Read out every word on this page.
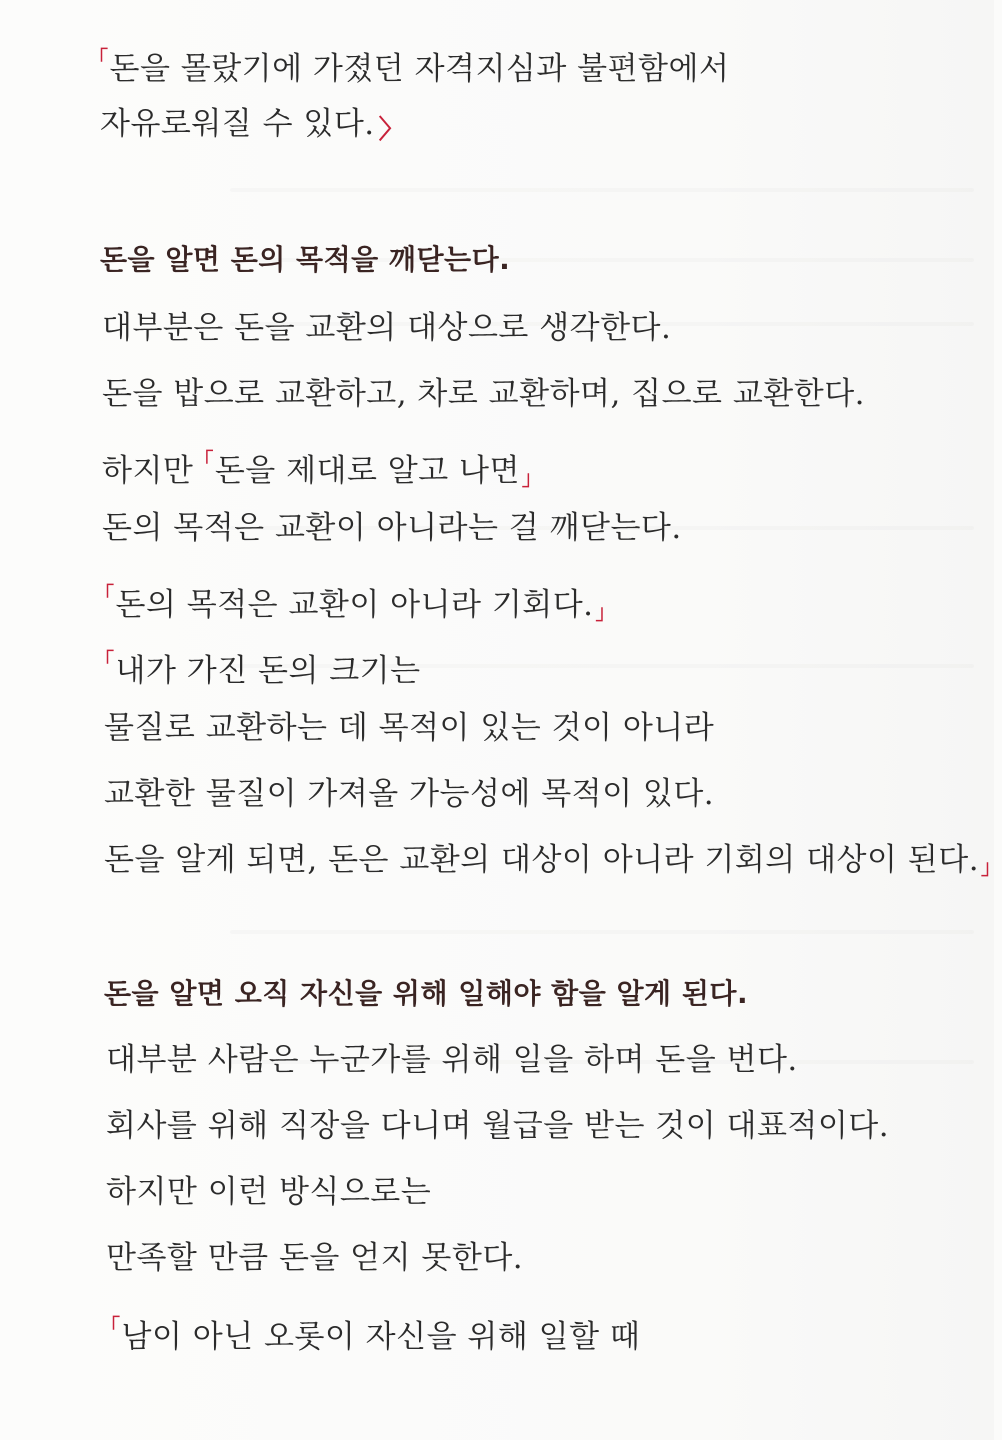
「돈을 몰랐기에 가졌던 자격지심과 불편함에서
자유로워질 수 있다. 〉
돈을 알면 돈의 목적을 깨닫는다.
대부분은 돈을 교환의 대상으로 생각한다.
돈을 밥으로 교환하고, 차로 교환하며, 집으로 교환한다.
하지만「돈을 제대로 알고 나면 」
돈의 목적은 교환이 아니라는 걸 깨닫는다.
「돈의 목적은 교환이 아니라 기회다. 」
「내가 가진 돈의 크기는
물질로 교환하는 데 목적이 있는 것이 아니라
교환한 물질이 가져올 가능성에 목적이 있다.
돈을 알게 되면, 돈은 교환의 대상이 아니라 기회의 대상이 된다. 」
돈을 알면 오직 자신을 위해 일해야 함을 알게 된다.
대부분 사람은 누군가를 위해 일을 하며 돈을 번다.
회사를 위해 직장을 다니며 월급을 받는 것이 대표적이다.
하지만 이런 방식으로는
만족할 만큼 돈을 얻지 못한다.
「남이 아닌 오롯이 자신을 위해 일할 때
